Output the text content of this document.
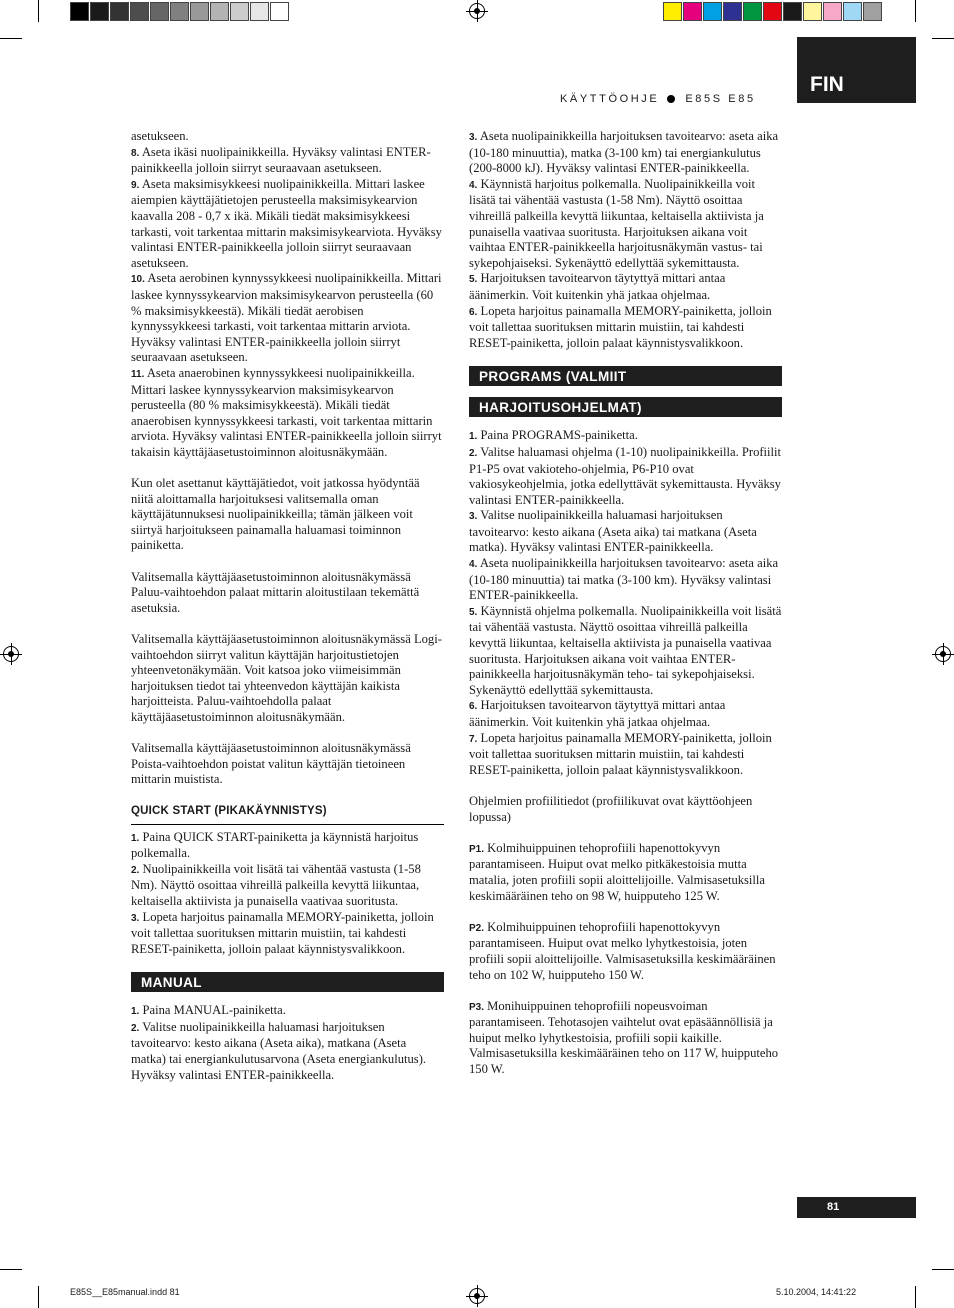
FIN
KÄYTTÖOHJE E85S E85

asetukseen.

8. Aseta ikäsi nuolipainikkeilla. Hyväksy valintasi ENTER-painikkeella jolloin siirryt seuraavaan asetukseen.

9. Aseta maksimisykkeesi nuolipainikkeilla. Mittari laskee aiempien käyttäjätietojen perusteella maksimisykearvion kaavalla 208 - 0,7 x ikä. Mikäli tiedät maksimisykkeesi tarkasti, voit tarkentaa mittarin maksimisykearviota. Hyväksy valintasi ENTER-painikkeella jolloin siirryt seuraavaan asetukseen.

10. Aseta aerobinen kynnyssykkeesi nuolipainikkeilla. Mittari laskee kynnyssykearvion maksimisykearvon perusteella (60 % maksimisykkeestä). Mikäli tiedät aerobisen kynnyssykkeesi tarkasti, voit tarkentaa mittarin arviota. Hyväksy valintasi ENTER-painikkeella jolloin siirryt seuraavaan asetukseen.

11. Aseta anaerobinen kynnyssykkeesi nuolipainikkeilla. Mittari laskee kynnyssykearvion maksimisykearvon perusteella (80 % maksimisykkeestä). Mikäli tiedät anaerobisen kynnyssykkeesi tarkasti, voit tarkentaa mittarin arviota. Hyväksy valintasi ENTER-painikkeella jolloin siirryt takaisin käyttäjäasetustoiminnon aloitusnäkymään.

Kun olet asettanut käyttäjätiedot, voit jatkossa hyödyntää niitä aloittamalla harjoituksesi valitsemalla oman käyttäjätunnuksesi nuolipainikkeilla; tämän jälkeen voit siirtyä harjoitukseen painamalla haluamasi toiminnon painiketta.

Valitsemalla käyttäjäasetustoiminnon aloitusnäkymässä Paluu-vaihtoehdon palaat mittarin aloitustilaan tekemättä asetuksia.

Valitsemalla käyttäjäasetustoiminnon aloitusnäkymässä Logi-vaihtoehdon siirryt valitun käyttäjän harjoitustietojen yhteenvetonäkymään. Voit katsoa joko viimeisimmän harjoituksen tiedot tai yhteenvedon käyttäjän kaikista harjoitteista. Paluu-vaihtoehdolla palaat käyttäjäasetustoiminnon aloitusnäkymään.

Valitsemalla käyttäjäasetustoiminnon aloitusnäkymässä Poista-vaihtoehdon poistat valitun käyttäjän tietoineen mittarin muistista.

QUICK START (PIKAKÄYNNISTYS)

1. Paina QUICK START-painiketta ja käynnistä harjoitus polkemalla.

2. Nuolipainikkeilla voit lisätä tai vähentää vastusta (1-58 Nm). Näyttö osoittaa vihreillä palkeilla kevyttä liikuntaa, keltaisella aktiivista ja punaisella vaativaa suoritusta.

3. Lopeta harjoitus painamalla MEMORY-painiketta, jolloin voit tallettaa suorituksen mittarin muistiin, tai kahdesti RESET-painiketta, jolloin palaat käynnistysvalikkoon.

MANUAL

1. Paina MANUAL-painiketta.

2. Valitse nuolipainikkeilla haluamasi harjoituksen tavoitearvo: kesto aikana (Aseta aika), matkana (Aseta matka) tai energiankulutusarvona (Aseta energiankulutus). Hyväksy valintasi ENTER-painikkeella.

3. Aseta nuolipainikkeilla harjoituksen tavoitearvo: aseta aika (10-180 minuuttia), matka (3-100 km) tai energiankulutus (200-8000 kJ). Hyväksy valintasi ENTER-painikkeella.

4. Käynnistä harjoitus polkemalla. Nuolipainikkeilla voit lisätä tai vähentää vastusta (1-58 Nm). Näyttö osoittaa vihreillä palkeilla kevyttä liikuntaa, keltaisella aktiivista ja punaisella vaativaa suoritusta. Harjoituksen aikana voit vaihtaa ENTER-painikkeella harjoitusnäkymän vastus- tai sykepohjaiseksi. Sykenäyttö edellyttää sykemittausta.

5. Harjoituksen tavoitearvon täytyttyä mittari antaa äänimerkin. Voit kuitenkin yhä jatkaa ohjelmaa.

6. Lopeta harjoitus painamalla MEMORY-painiketta, jolloin voit tallettaa suorituksen mittarin muistiin, tai kahdesti RESET-painiketta, jolloin palaat käynnistysvalikkoon.

PROGRAMS (VALMIIT
HARJOITUSOHJELMAT)

1. Paina PROGRAMS-painiketta.

2. Valitse haluamasi ohjelma (1-10) nuolipainikkeilla. Profiilit P1-P5 ovat vakioteho-ohjelmia, P6-P10 ovat vakiosykeohjelmia, jotka edellyttävät sykemittausta. Hyväksy valintasi ENTER-painikkeella.

3. Valitse nuolipainikkeilla haluamasi harjoituksen tavoitearvo: kesto aikana (Aseta aika) tai matkana (Aseta matka). Hyväksy valintasi ENTER-painikkeella.

4. Aseta nuolipainikkeilla harjoituksen tavoitearvo: aseta aika (10-180 minuuttia) tai matka (3-100 km). Hyväksy valintasi ENTER-painikkeella.

5. Käynnistä ohjelma polkemalla. Nuolipainikkeilla voit lisätä tai vähentää vastusta. Näyttö osoittaa vihreillä palkeilla kevyttä liikuntaa, keltaisella aktiivista ja punaisella vaativaa suoritusta. Harjoituksen aikana voit vaihtaa ENTER-painikkeella harjoitusnäkymän teho- tai sykepohjaiseksi. Sykenäyttö edellyttää sykemittausta.

6. Harjoituksen tavoitearvon täytyttyä mittari antaa äänimerkin. Voit kuitenkin yhä jatkaa ohjelmaa.

7. Lopeta harjoitus painamalla MEMORY-painiketta, jolloin voit tallettaa suorituksen mittarin muistiin, tai kahdesti RESET-painiketta, jolloin palaat käynnistysvalikkoon.

Ohjelmien profiilitiedot (profiilikuvat ovat käyttöohjeen lopussa)

P1. Kolmihuippuinen tehoprofiili hapenottokyvyn parantamiseen. Huiput ovat melko pitkäkestoisia mutta matalia, joten profiili sopii aloittelijoille. Valmisasetuksilla keskimääräinen teho on 98 W, huipputeho 125 W.

P2. Kolmihuippuinen tehoprofiili hapenottokyvyn parantamiseen. Huiput ovat melko lyhytkestoisia, joten profiili sopii aloittelijoille. Valmisasetuksilla keskimääräinen teho on 102 W, huipputeho 150 W.

P3. Monihuippuinen tehoprofiili nopeusvoiman parantamiseen. Tehotasojen vaihtelut ovat epäsäännöllisiä ja huiput melko lyhytkestoisia, profiili sopii kaikille. Valmisasetuksilla keskimääräinen teho on 117 W, huipputeho 150 W.

81
E85S__E85manual.indd 81	5.10.2004, 14:41:22
